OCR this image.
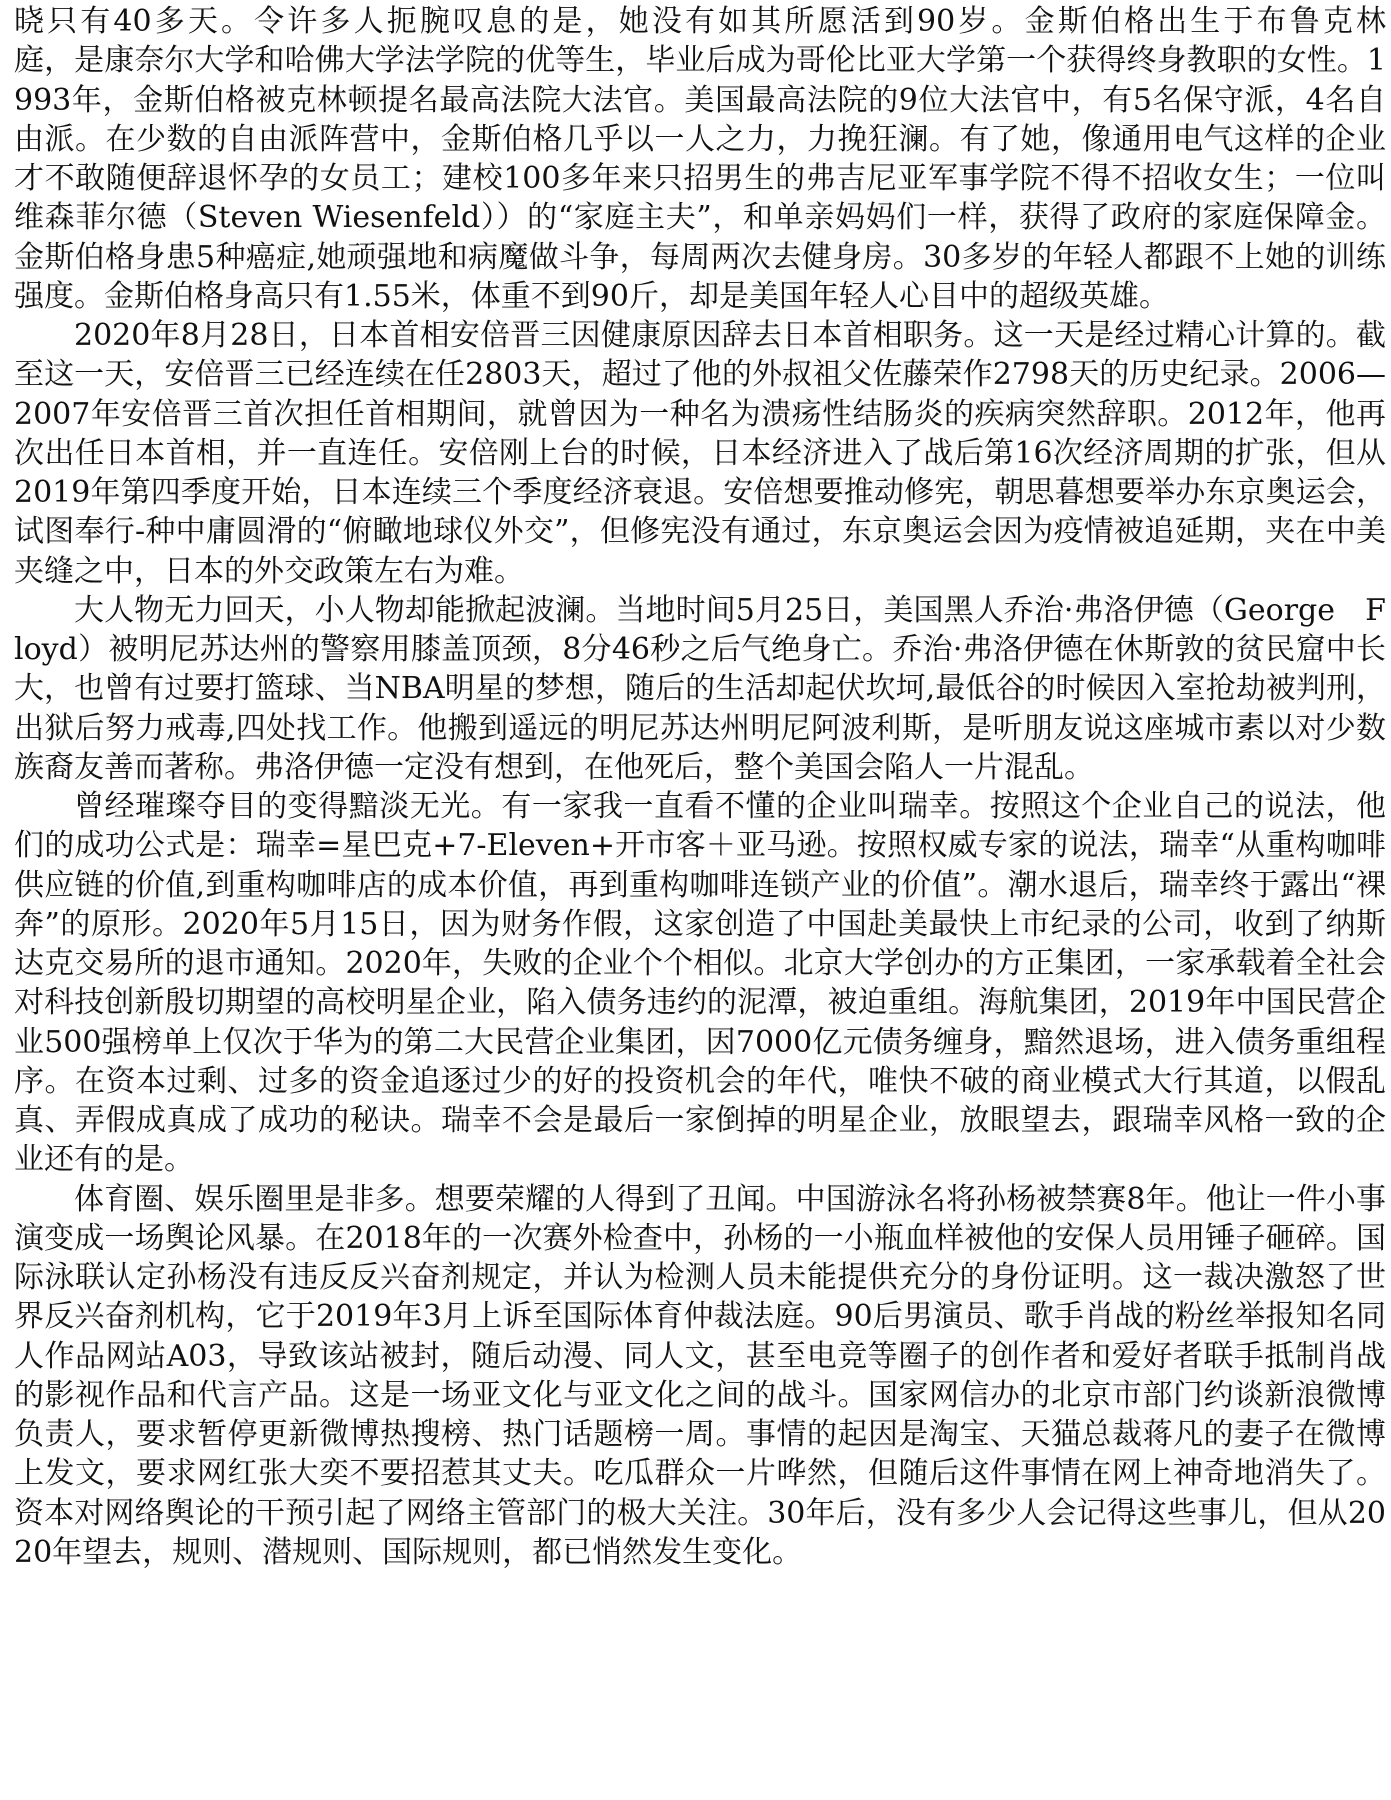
晓只有40多天。令许多人扼腕叹息的是，她没有如其所愿活到90岁。金斯伯格出生于布鲁克林　　　庭，是康奈尔大学和哈佛大学法学院的优等生，毕业后成为哥伦比亚大学第一个获得终身教职的女性。1993年，金斯伯格被克林顿提名最高法院大法官。美国最高法院的9位大法官中，有5名保守派，4名自由派。在少数的自由派阵营中，金斯伯格几乎以一人之力，力挽狂澜。有了她，像通用电气这样的企业才不敢随便辞退怀孕的女员工；建校100多年来只招男生的弗吉尼亚军事学院不得不招收女生；一位叫维森菲尔德（Steven Wiesenfeld））的“家庭主夫”，和单亲妈妈们一样，获得了政府的家庭保障金。金斯伯格身患5种癌症,她顽强地和病魔做斗争，每周两次去健身房。30多岁的年轻人都跟不上她的训练强度。金斯伯格身高只有1.55米，体重不到90斤，却是美国年轻人心目中的超级英雄。

2020年8月28日，日本首相安倍晋三因健康原因辞去日本首相职务。这一天是经过精心计算的。截至这一天，安倍晋三已经连续在任2803天，超过了他的外叔祖父佐藤荣作2798天的历史纪录。2006—2007年安倍晋三首次担任首相期间，就曾因为一种名为溃疡性结肠炎的疾病突然辞职。2012年，他再次出任日本首相，并一直连任。安倍刚上台的时候，日本经济进入了战后第16次经济周期的扩张，但从2019年第四季度开始，日本连续三个季度经济衰退。安倍想要推动修宪，朝思暮想要举办东京奥运会，试图奉行-种中庸圆滑的“俯瞰地球仪外交”，但修宪没有通过，东京奥运会因为疫情被追延期，夹在中美夹缝之中，日本的外交政策左右为难。

大人物无力回天，小人物却能掀起波澜。当地时间5月25日，美国黑人乔治·弗洛伊德（George　Floyd）被明尼苏达州的警察用膝盖顶颈，8分46秒之后气绝身亡。乔治·弗洛伊德在休斯敦的贫民窟中长大，也曾有过要打篮球、当NBA明星的梦想，随后的生活却起伏坎坷,最低谷的时候因入室抢劫被判刑，出狱后努力戒毒,四处找工作。他搬到遥远的明尼苏达州明尼阿波利斯，是听朋友说这座城市素以对少数族裔友善而著称。弗洛伊德一定没有想到，在他死后，整个美国会陷人一片混乱。

曾经璀璨夺目的变得黯淡无光。有一家我一直看不懂的企业叫瑞幸。按照这个企业自己的说法，他们的成功公式是：瑞幸=星巴克+7-Eleven+开市客＋亚马逊。按照权威专家的说法，瑞幸“从重构咖啡供应链的价值,到重构咖啡店的成本价值，再到重构咖啡连锁产业的价值”。潮水退后，瑞幸终于露出“裸奔”的原形。2020年5月15日，因为财务作假，这家创造了中国赴美最快上市纪录的公司，收到了纳斯达克交易所的退市通知。2020年，失败的企业个个相似。北京大学创办的方正集团，一家承载着全社会对科技创新殷切期望的高校明星企业，陷入债务违约的泥潭，被迫重组。海航集团，2019年中国民营企业500强榜单上仅次于华为的第二大民营企业集团，因7000亿元债务缠身，黯然退场，进入债务重组程序。在资本过剩、过多的资金追逐过少的好的投资机会的年代，唯快不破的商业模式大行其道，以假乱真、弄假成真成了成功的秘诀。瑞幸不会是最后一家倒掉的明星企业，放眼望去，跟瑞幸风格一致的企业还有的是。

体育圈、娱乐圈里是非多。想要荣耀的人得到了丑闻。中国游泳名将孙杨被禁赛8年。他让一件小事演变成一场舆论风暴。在2018年的一次赛外检查中，孙杨的一小瓶血样被他的安保人员用锤子砸碎。国际泳联认定孙杨没有违反反兴奋剂规定，并认为检测人员未能提供充分的身份证明。这一裁决激怒了世界反兴奋剂机构，它于2019年3月上诉至国际体育仲裁法庭。90后男演员、歌手肖战的粉丝举报知名同人作品网站A03，导致该站被封，随后动漫、同人文，甚至电竞等圈子的创作者和爱好者联手抵制肖战的影视作品和代言产品。这是一场亚文化与亚文化之间的战斗。国家网信办的北京市部门约谈新浪微博负责人，要求暂停更新微博热搜榜、热门话题榜一周。事情的起因是淘宝、天猫总裁蒋凡的妻子在微博上发文，要求网红张大奕不要招惹其丈夫。吃瓜群众一片哗然，但随后这件事情在网上神奇地消失了。资本对网络舆论的干预引起了网络主管部门的极大关注。30年后，没有多少人会记得这些事儿，但从2020年望去，规则、潜规则、国际规则，都已悄然发生变化。
